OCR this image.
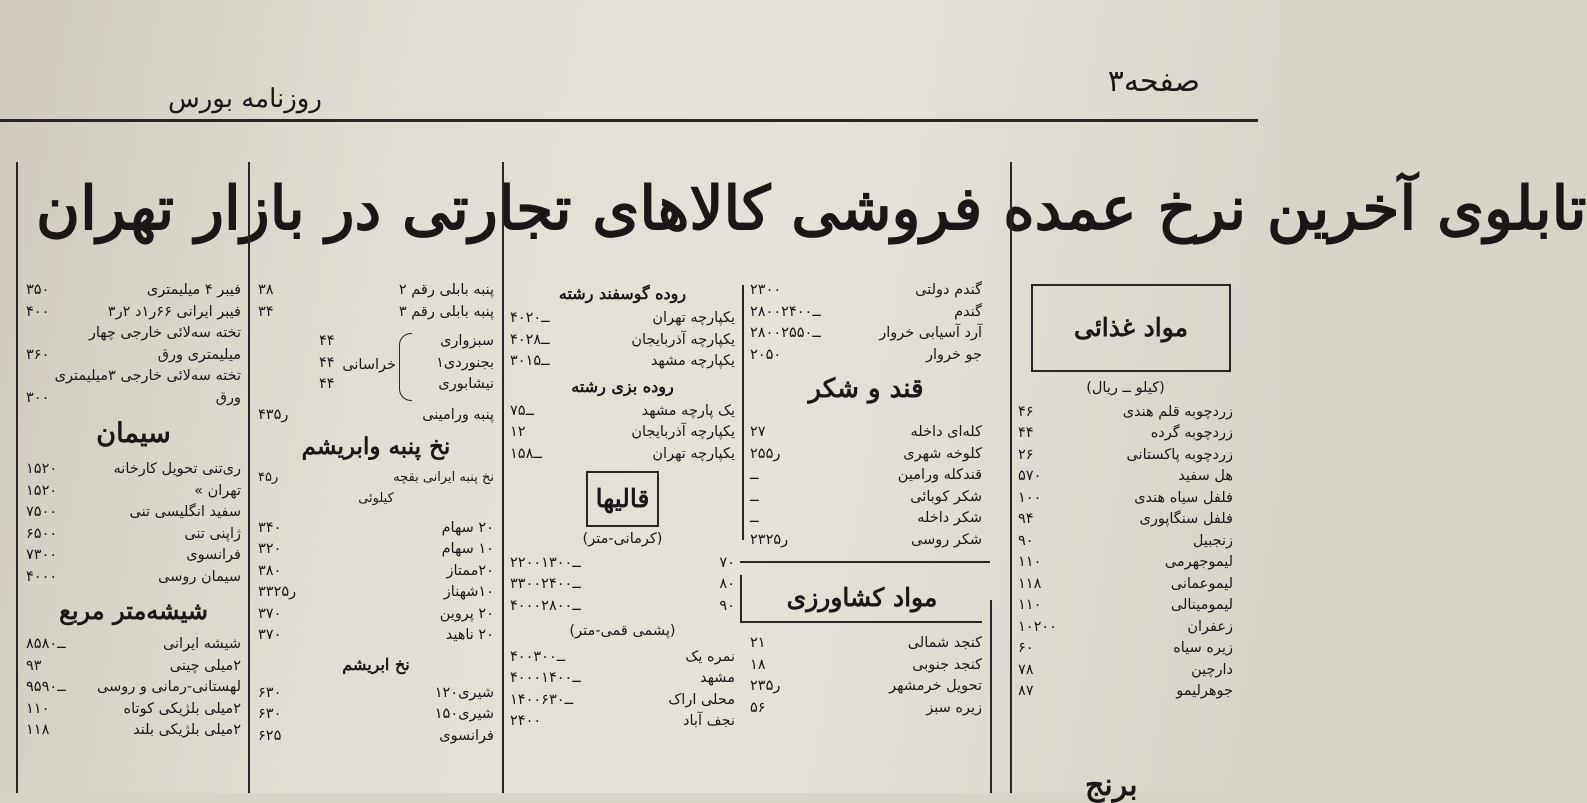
صفحه۳
روزنامه بورس
تابلوی آخرین نرخ عمده فروشی کالاهای تجارتی در بازار تهران
مواد غذائی
(کیلو ــ ریال)
زردچوبه قلم هندی
۴۶
زردچوبه گرده
۴۴
زردچوبه پاکستانی
۲۶
هل سفید
۵۷۰
فلفل سیاه هندی
۱۰۰
فلفل سنگاپوری
۹۴
زنجبیل
۹۰
لیموجهرمی
۱۱۰
لیموعمانی
۱۱۸
لیمومینالی
۱۱۰
زعفران
۱۰۲۰۰
زیره سیاه
۶۰
دارچین
۷۸
جوهرلیمو
۸۷
گندم دولتی
۲۳۰۰
گندم
۲۸۰۰ــ۲۴۰۰
آرد آسیابی خروار
۲۸۰۰ــ۲۵۵۰
جو خروار
۲۰۵۰
قند و شکر
کله‌ای داخله
۲۷
کلوخه شهری
۲۵ر۵
قندکله ورامین
ــ
شکر کوبائی
ــ
شکر داخله
ــ
شکر روسی
۲۳ر۲۵
مواد کشاورزی
کنجد شمالی
۲۱
کنجد جنوبی
۱۸
تحویل خرمشهر
۲۳ر۵
زیره سبز
۵۶
روده گوسفند رشته
یکپارچه تهران
۴۰ــ۲۰
یکپارچه آذربایجان
۴۰ــ۲۸
یکپارچه مشهد
۳۰ــ۱۵
روده بزی رشته
یک پارچه مشهد
۷ــ۵
یکپارچه آذربایجان
۱۲
یکپارچه تهران
۱۵ــ۸
قالیها
(کرمانی-متر)
۷۰
۲۲۰۰ــ۱۳۰۰
۸۰
۳۳۰۰ــ۲۴۰۰
۹۰
۴۰۰۰ــ۲۸۰۰
(پشمی قمی-متر)
نمره یک
۴۰۰ــ۳۰۰
مشهد
۴۰۰۰ــ۱۴۰۰
محلی اراک
۱۴۰۰ــ۶۳۰
نجف آباد
۲۴۰۰
پنبه بابلی رقم ۲
۳۸
پنبه بابلی رقم ۳
۳۴
سبزواری
۴۴
بجنوردی۱
۴۴
نیشابوری
۴۴
خراسانی
پنبه ورامینی
۴۳ر۵
نخ پنبه وابریشم
نخ پنبه ایرانی بقچه
۴ر۵
کیلوئی
۲۰ سهام
۳۴۰
۱۰ سهام
۳۲۰
۲۰ممتاز
۳۸۰
۱۰شهناز
۳۳۲ر۵
۲۰ پروین
۳۷۰
۲۰ ناهید
۳۷۰
نخ ابریشم
شیری۱۲۰
۶۳۰
شیری۱۵۰
۶۳۰
فرانسوی
۶۲۵
فیبر ۴ میلیمتری
۳۵۰
فیبر ایرانی ۶۶ر۱د ۲ر۳
۴۰۰
تخته سه‌لائی خارجی چهار
میلیمتری ورق
۳۶۰
تخته سه‌لائی خارجی ۳میلیمتری
ورق
۳۰۰
سیمان
ری‌تنی تحویل کارخانه
۱۵۲۰
تهران »
۱۵۲۰
سفید انگلیسی تنی
۷۵۰۰
ژاپنی تنی
۶۵۰۰
فرانسوی
۷۳۰۰
سیمان روسی
۴۰۰۰
شیشه‌متر مربع
شیشه ایرانی
۸۵ــ۸۰
۲میلی چینی
۹۳
لهستانی-رمانی و روسی
۹۵ــ۹۰
۲میلی بلژیکی کوتاه
۱۱۰
۲میلی بلژیکی بلند
۱۱۸
برنج
